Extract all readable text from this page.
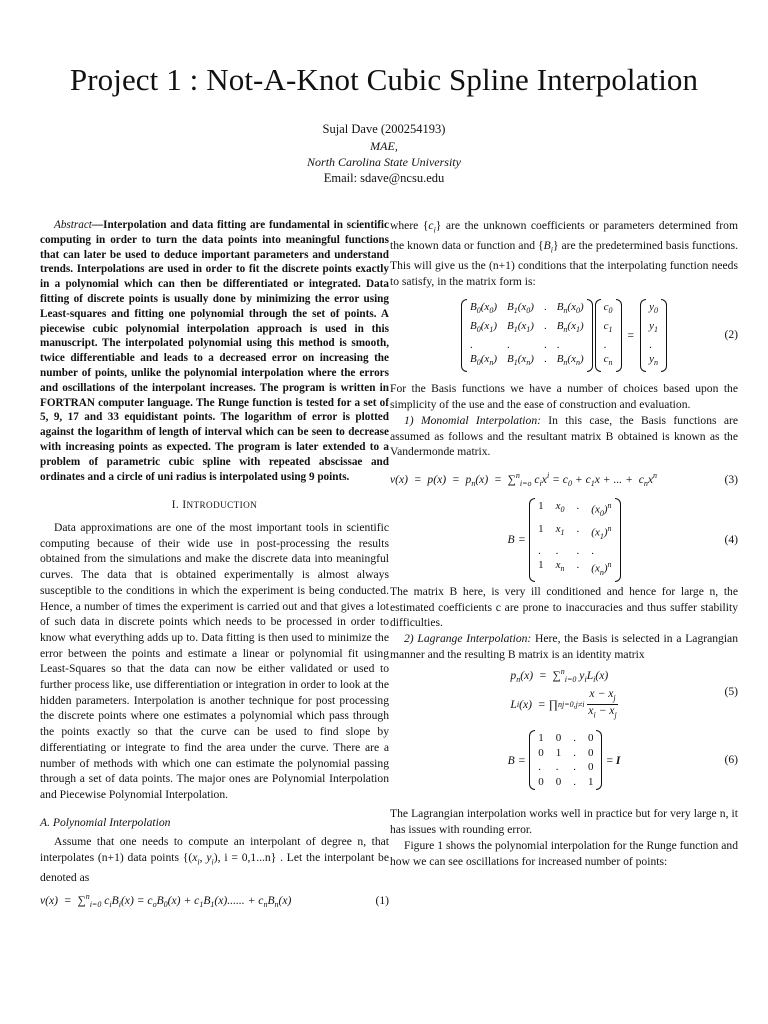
Project 1 : Not-A-Knot Cubic Spline Interpolation
Sujal Dave (200254193)
MAE,
North Carolina State University
Email: sdave@ncsu.edu

Abstract—Interpolation and data fitting are fundamental in scientific computing in order to turn the data points into meaningful functions that can later be used to deduce important parameters and understand trends. Interpolations are used in order to fit the discrete points exactly in a polynomial which can then be differentiated or integrated. Data fitting of discrete points is usually done by minimizing the error using Least-squares and fitting one polynomial through the set of points. A piecewise cubic polynomial interpolation approach is used in this manuscript. The interpolated polynomial using this method is smooth, twice differentiable and leads to a decreased error on increasing the number of points, unlike the polynomial interpolation where the errors and oscillations of the interpolant increases. The program is written in FORTRAN computer language. The Runge function is tested for a set of 5, 9, 17 and 33 equidistant points. The logarithm of error is plotted against the logarithm of length of interval which can be seen to decrease with increasing points as expected. The program is later extended to a problem of parametric cubic spline with repeated abscissae and ordinates and a circle of uni radius is interpolated using 9 points.

I. INTRODUCTION

Data approximations are one of the most important tools in scientific computing because of their wide use in post-processing the results obtained from the simulations and make the discrete data into meaningful curves. The data that is obtained experimentally is almost always susceptible to the conditions in which the experiment is being conducted. Hence, a number of times the experiment is carried out and that gives a lot of such data in discrete points which needs to be processed in order to know what everything adds up to. Data fitting is then used to minimize the error between the points and estimate a linear or polynomial fit using Least-Squares so that the data can now be either validated or used to further process like, use differentiation or integration in order to look at the hidden parameters. Interpolation is another technique for post processing the discrete points where one estimates a polynomial which pass through the points exactly so that the curve can be used to find slope by differentiating or integrate to find the area under the curve. There are a number of methods with which one can estimate the polynomial passing through a set of data points. The major ones are Polynomial Interpolation and Piecewise Polynomial Interpolation.

A. Polynomial Interpolation

Assume that one needs to compute an interpolant of degree n, that interpolates (n+1) data points {($x_i$, $y_i$), i = 0,1...n} . Let the interpolant be denoted as

v(x)  =  ∑$^n_{i=0}$ $c_iB_i(x) = c_oB_0(x) + c_1B_1(x)$...... + $c_nB_n(x)$	(1)

where $\{c_i\}$ are the unknown coefficients or parameters determined from the known data or function and $\{B_i\}$ are the predetermined basis functions. This will give us the (n+1) conditions that the interpolating function needs to satisfy, in the matrix form is:

$B_0(x_0)$ $B_1(x_0)$ . $B_n(x_0)$
$B_0(x_1)$ $B_1(x_1)$ . $B_n(x_1)$
.	.	. .
$B_0(x_n)$ $B_1(x_n)$ . $B_n(x_n)$
$c_0$
$c_1$
.
$c_n$
=
$y_0$
$y_1$
.
$y_n$
(2)

For the Basis functions we have a number of choices based upon the simplicity of the use and the ease of construction and evaluation.

1) Monomial Interpolation: In this case, the Basis functions are assumed as follows and the resultant matrix B obtained is known as the Vandermonde matrix.

$v(x) = p(x) = p_n(x) = \sum^n_{i=o}$ $c_ix^i = c_0 + c_1x$ + ... +  $c_nx^n$	(3)
B =
1 $x_0$ . $(x_0)^n$
1 $x_1$ . $(x_1)^n$
. .	. .
1 $x_n$ . $(x_n)^n$
(4)

The matrix B here, is very ill conditioned and hence for large n, the estimated coefficients c are prone to inaccuracies and thus suffer stability difficulties.

2) Lagrange Interpolation: Here, the Basis is selected in a Lagrangian manner and the resulting B matrix is an identity matrix

$p_n(x) = \sum^n_{i=0}$ $y_iL_i(x)$
L i (x)  = ∏ n j=0,j≠i

$x - x_j$
$x_i - x_j$
(5)
B =
1 0 . 0
0 1 . 0
. . . 0
0 0 . 1
= I	(6)

The Lagrangian interpolation works well in practice but for very large n, it has issues with rounding error.

Figure 1 shows the polynomial interpolation for the Runge function and how we can see oscillations for increased number of points:
